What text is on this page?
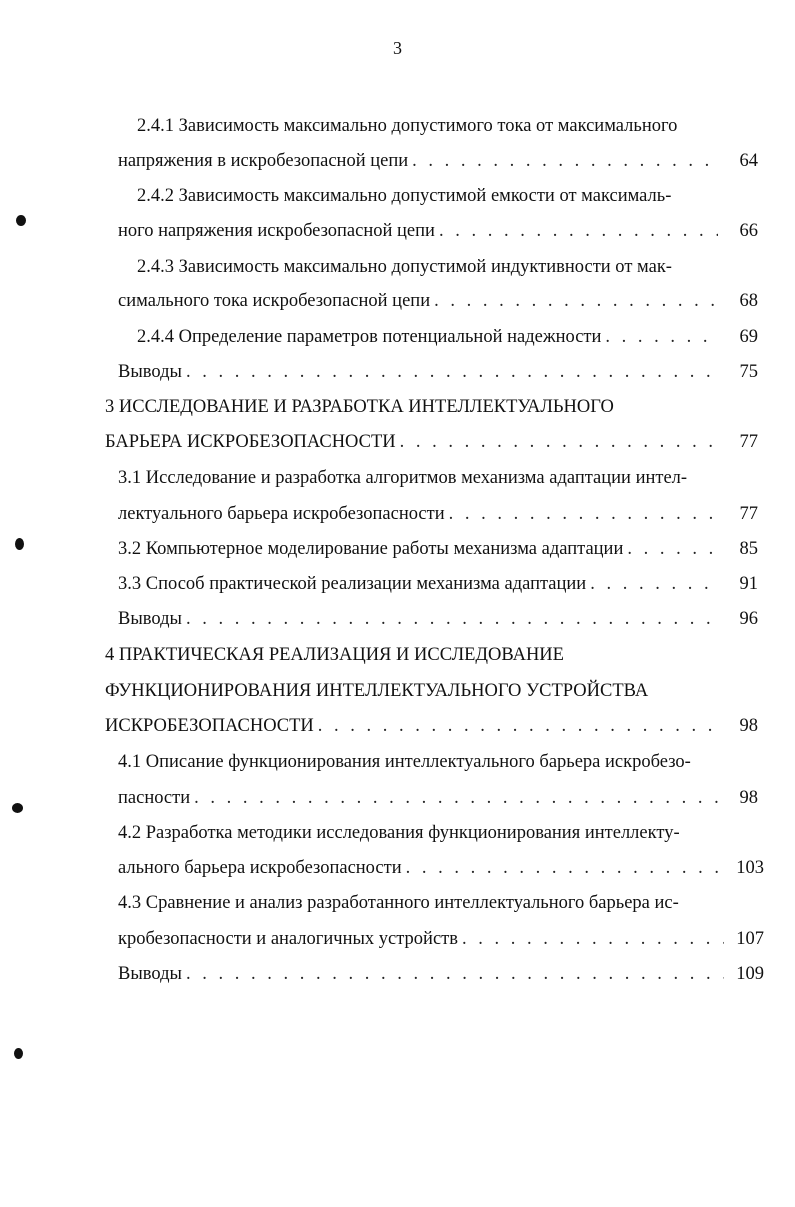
3
2.4.1 Зависимость максимально допустимого тока от максимального
напряжения в искробезопасной цепи . . .	64
2.4.2 Зависимость максимально допустимой емкости от максималь-
ного напряжения искробезопасной цепи . . .	66
2.4.3 Зависимость максимально допустимой индуктивности от мак-
симального тока искробезопасной цепи . . .	68
2.4.4 Определение параметров потенциальной надежности . . .	69
Выводы . . .	75
3 ИССЛЕДОВАНИЕ И РАЗРАБОТКА ИНТЕЛЛЕКТУАЛЬНОГО
БАРЬЕРА ИСКРОБЕЗОПАСНОСТИ . . .	77
3.1 Исследование и разработка алгоритмов механизма адаптации интел-
лектуального барьера искробезопасности . . .	77
3.2 Компьютерное моделирование работы механизма адаптации . . .	85
3.3 Способ практической реализации механизма адаптации . . .	91
Выводы . . .	96
4 ПРАКТИЧЕСКАЯ РЕАЛИЗАЦИЯ И ИССЛЕДОВАНИЕ
ФУНКЦИОНИРОВАНИЯ ИНТЕЛЛЕКТУАЛЬНОГО УСТРОЙСТВА
ИСКРОБЕЗОПАСНОСТИ . . .	98
4.1 Описание функционирования интеллектуального барьера искробезо-
пасности . . .	98
4.2 Разработка методики исследования функционирования интеллекту-
ального барьера искробезопасности . . .	103
4.3 Сравнение и анализ разработанного интеллектуального барьера ис-
кробезопасности и аналогичных устройств . . .	107
Выводы . . .	109
